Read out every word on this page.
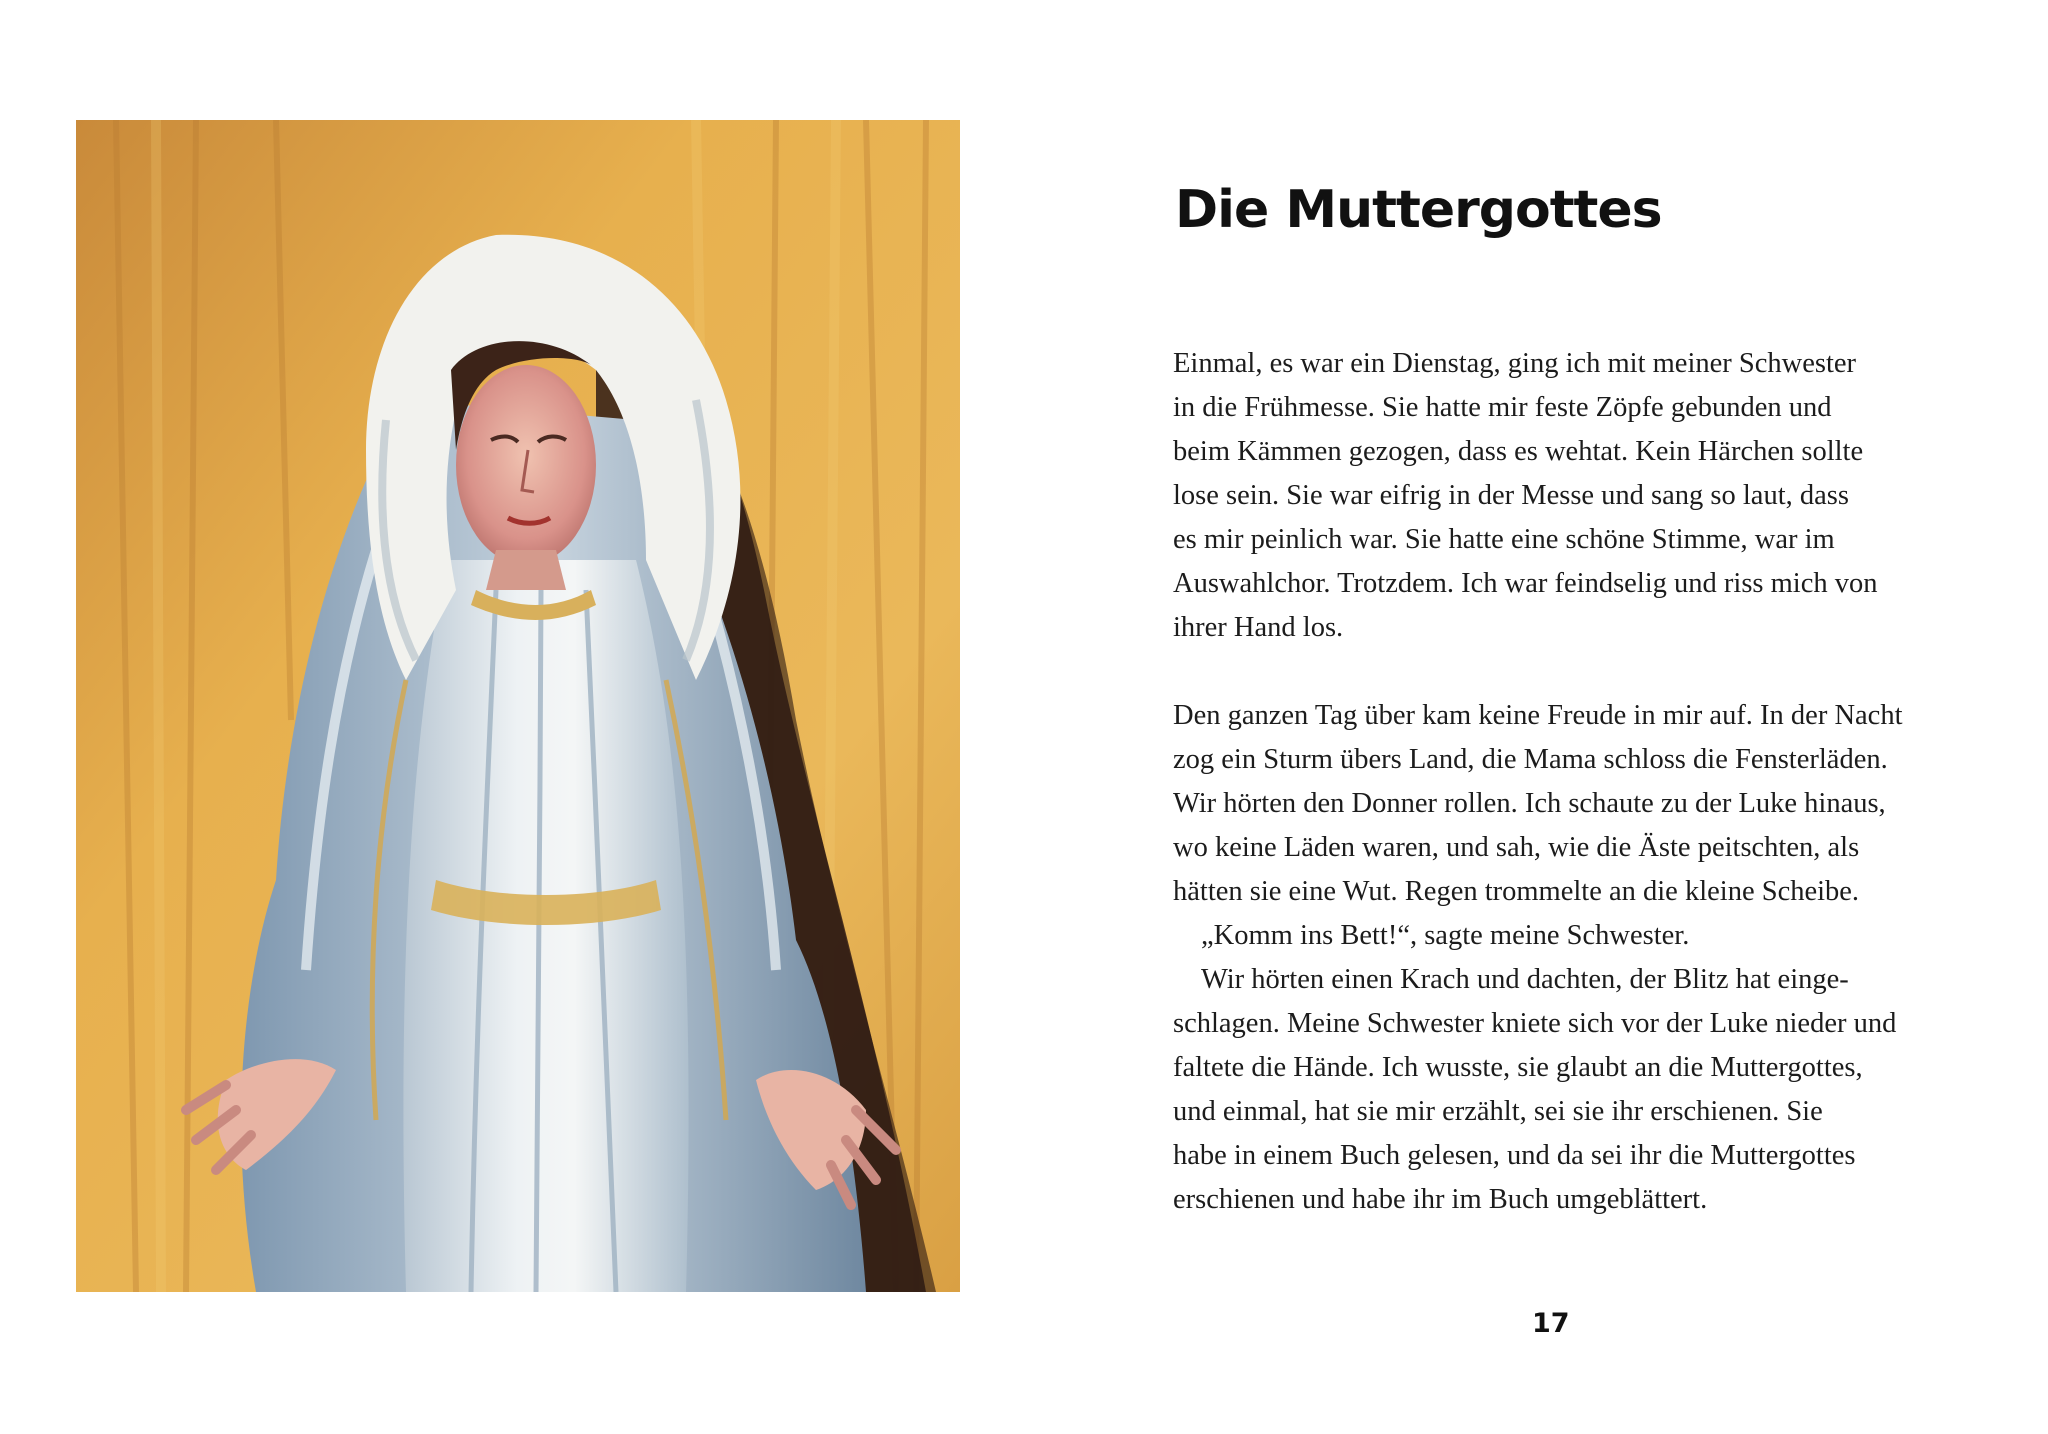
Die Muttergottes

Einmal, es war ein Dienstag, ging ich mit meiner Schwester
in die Frühmesse. Sie hatte mir feste Zöpfe gebunden und
beim Kämmen gezogen, dass es wehtat. Kein Härchen sollte
lose sein. Sie war eifrig in der Messe und sang so laut, dass
es mir peinlich war. Sie hatte eine schöne Stimme, war im
Auswahlchor. Trotzdem. Ich war feindselig und riss mich von
ihrer Hand los.

Den ganzen Tag über kam keine Freude in mir auf. In der Nacht
zog ein Sturm übers Land, die Mama schloss die Fensterläden.
Wir hörten den Donner rollen. Ich schaute zu der Luke hinaus,
wo keine Läden waren, und sah, wie die Äste peitschten, als
hätten sie eine Wut. Regen trommelte an die kleine Scheibe.

„Komm ins Bett!“, sagte meine Schwester.

Wir hörten einen Krach und dachten, der Blitz hat einge-
schlagen. Meine Schwester kniete sich vor der Luke nieder und
faltete die Hände. Ich wusste, sie glaubt an die Muttergottes,
und einmal, hat sie mir erzählt, sei sie ihr erschienen. Sie
habe in einem Buch gelesen, und da sei ihr die Muttergottes
erschienen und habe ihr im Buch umgeblättert.

17
